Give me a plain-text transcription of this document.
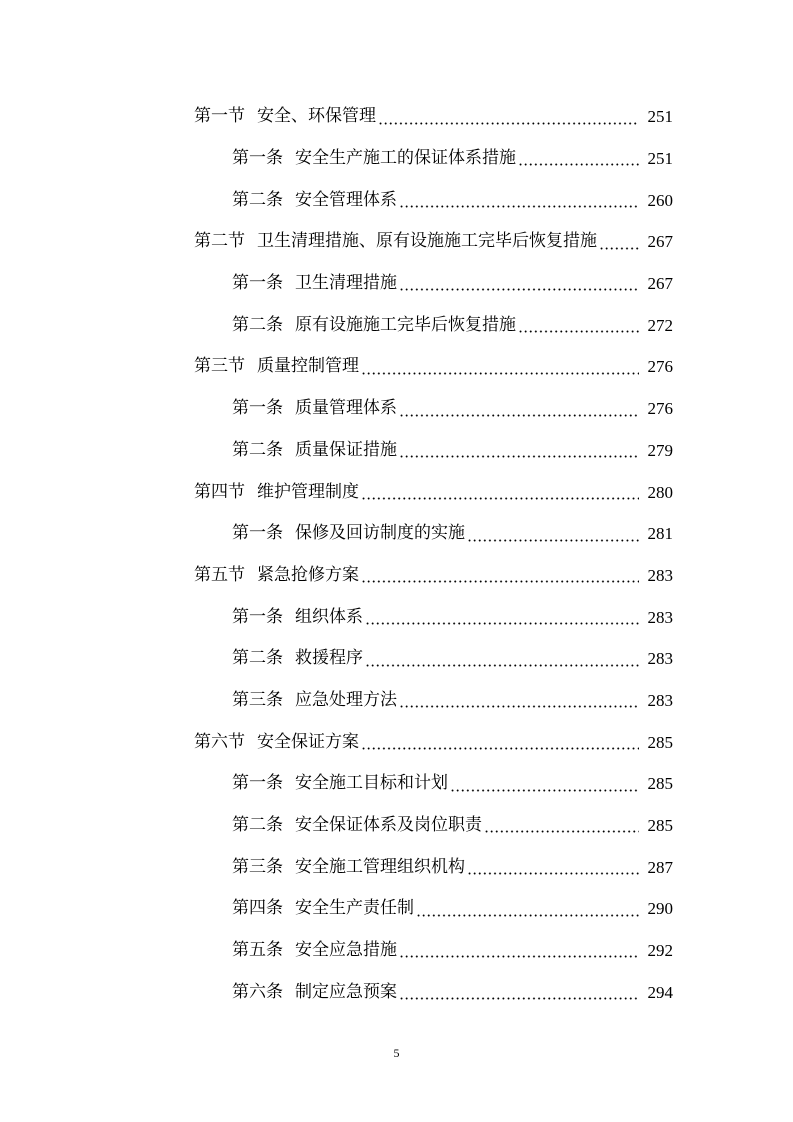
第一节 安全、环保管理	251
第一条 安全生产施工的保证体系措施	251
第二条 安全管理体系	260
第二节 卫生清理措施、原有设施施工完毕后恢复措施	267
第一条 卫生清理措施	267
第二条 原有设施施工完毕后恢复措施	272
第三节 质量控制管理	276
第一条 质量管理体系	276
第二条 质量保证措施	279
第四节 维护管理制度	280
第一条 保修及回访制度的实施	281
第五节 紧急抢修方案	283
第一条 组织体系	283
第二条 救援程序	283
第三条 应急处理方法	283
第六节 安全保证方案	285
第一条 安全施工目标和计划	285
第二条 安全保证体系及岗位职责	285
第三条 安全施工管理组织机构	287
第四条 安全生产责任制	290
第五条 安全应急措施	292
第六条 制定应急预案	294
5
